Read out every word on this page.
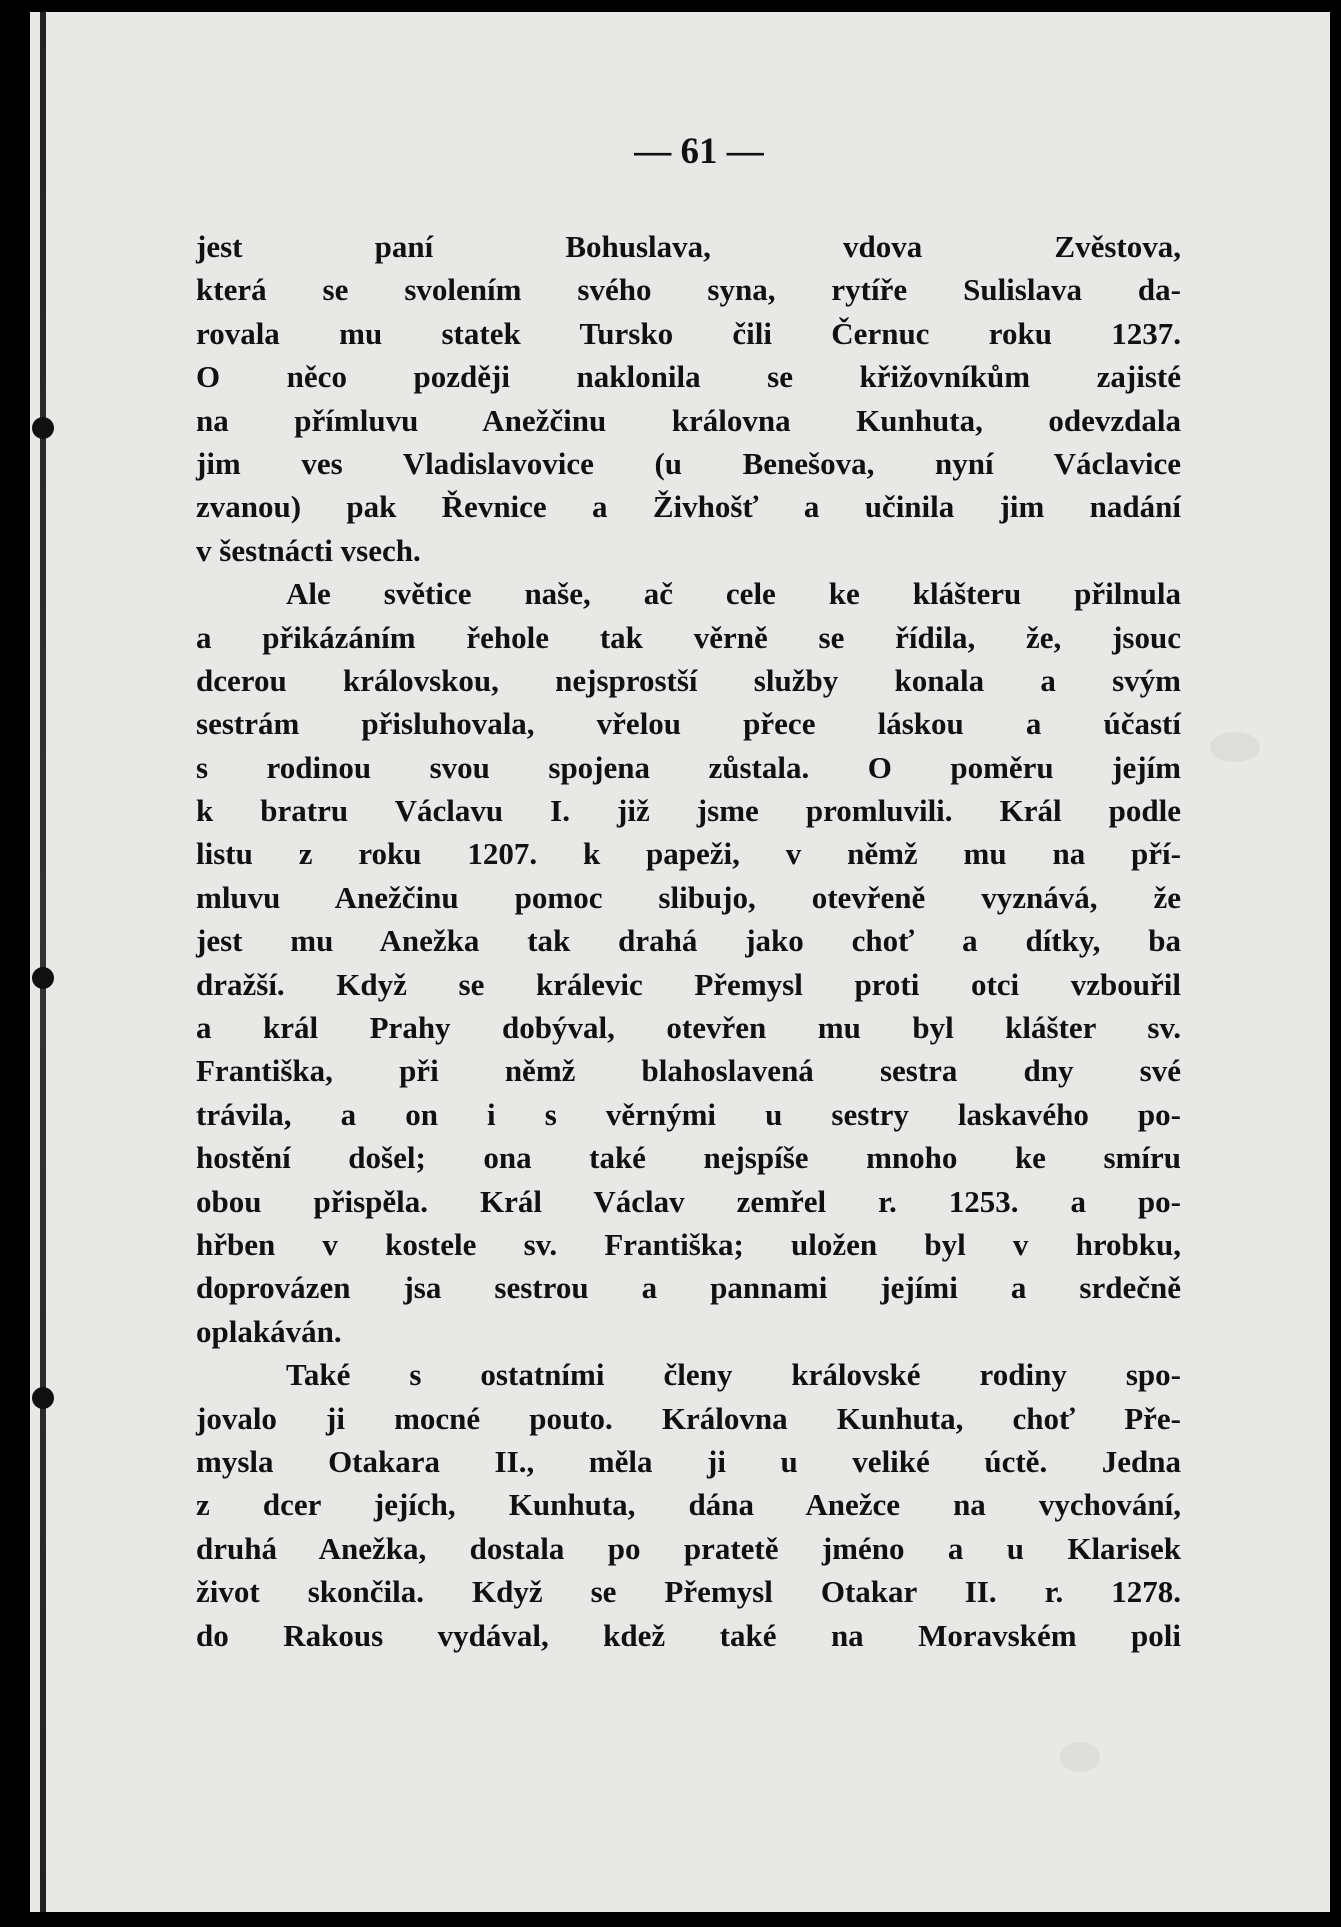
— 61 —
jest paní Bohuslava, vdova Zvěstova,
která se svolením svého syna, rytíře Sulislava da-
rovala mu statek Tursko čili Černuc roku 1237.
O něco později naklonila se křižovníkům zajisté
na přímluvu Anežčinu královna Kunhuta, odevzdala
jim ves Vladislavovice (u Benešova, nyní Václavice
zvanou) pak Řevnice a Živhošť a učinila jim nadání
v šestnácti vsech.
Ale světice naše, ač cele ke klášteru přilnula
a přikázáním řehole tak věrně se řídila, že, jsouc
dcerou královskou, nejsprostší služby konala a svým
sestrám přisluhovala, vřelou přece láskou a účastí
s rodinou svou spojena zůstala. O poměru jejím
k bratru Václavu I. již jsme promluvili. Král podle
listu z roku 1207. k papeži, v němž mu na pří-
mluvu Anežčinu pomoc slibujo, otevřeně vyznává, že
jest mu Anežka tak drahá jako choť a dítky, ba
dražší. Když se králevic Přemysl proti otci vzbouřil
a král Prahy dobýval, otevřen mu byl klášter sv.
Františka, při němž blahoslavená sestra dny své
trávila, a on i s věrnými u sestry laskavého po-
hostění došel; ona také nejspíše mnoho ke smíru
obou přispěla. Král Václav zemřel r. 1253. a po-
hřben v kostele sv. Františka; uložen byl v hrobku,
doprovázen jsa sestrou a pannami jejími a srdečně
oplakáván.
Také s ostatními členy královské rodiny spo-
jovalo ji mocné pouto. Královna Kunhuta, choť Pře-
mysla Otakara II., měla ji u veliké úctě. Jedna
z dcer jejích, Kunhuta, dána Anežce na vychování,
druhá Anežka, dostala po pratetě jméno a u Klarisek
život skončila. Když se Přemysl Otakar II. r. 1278.
do Rakous vydával, kdež také na Moravském poli
